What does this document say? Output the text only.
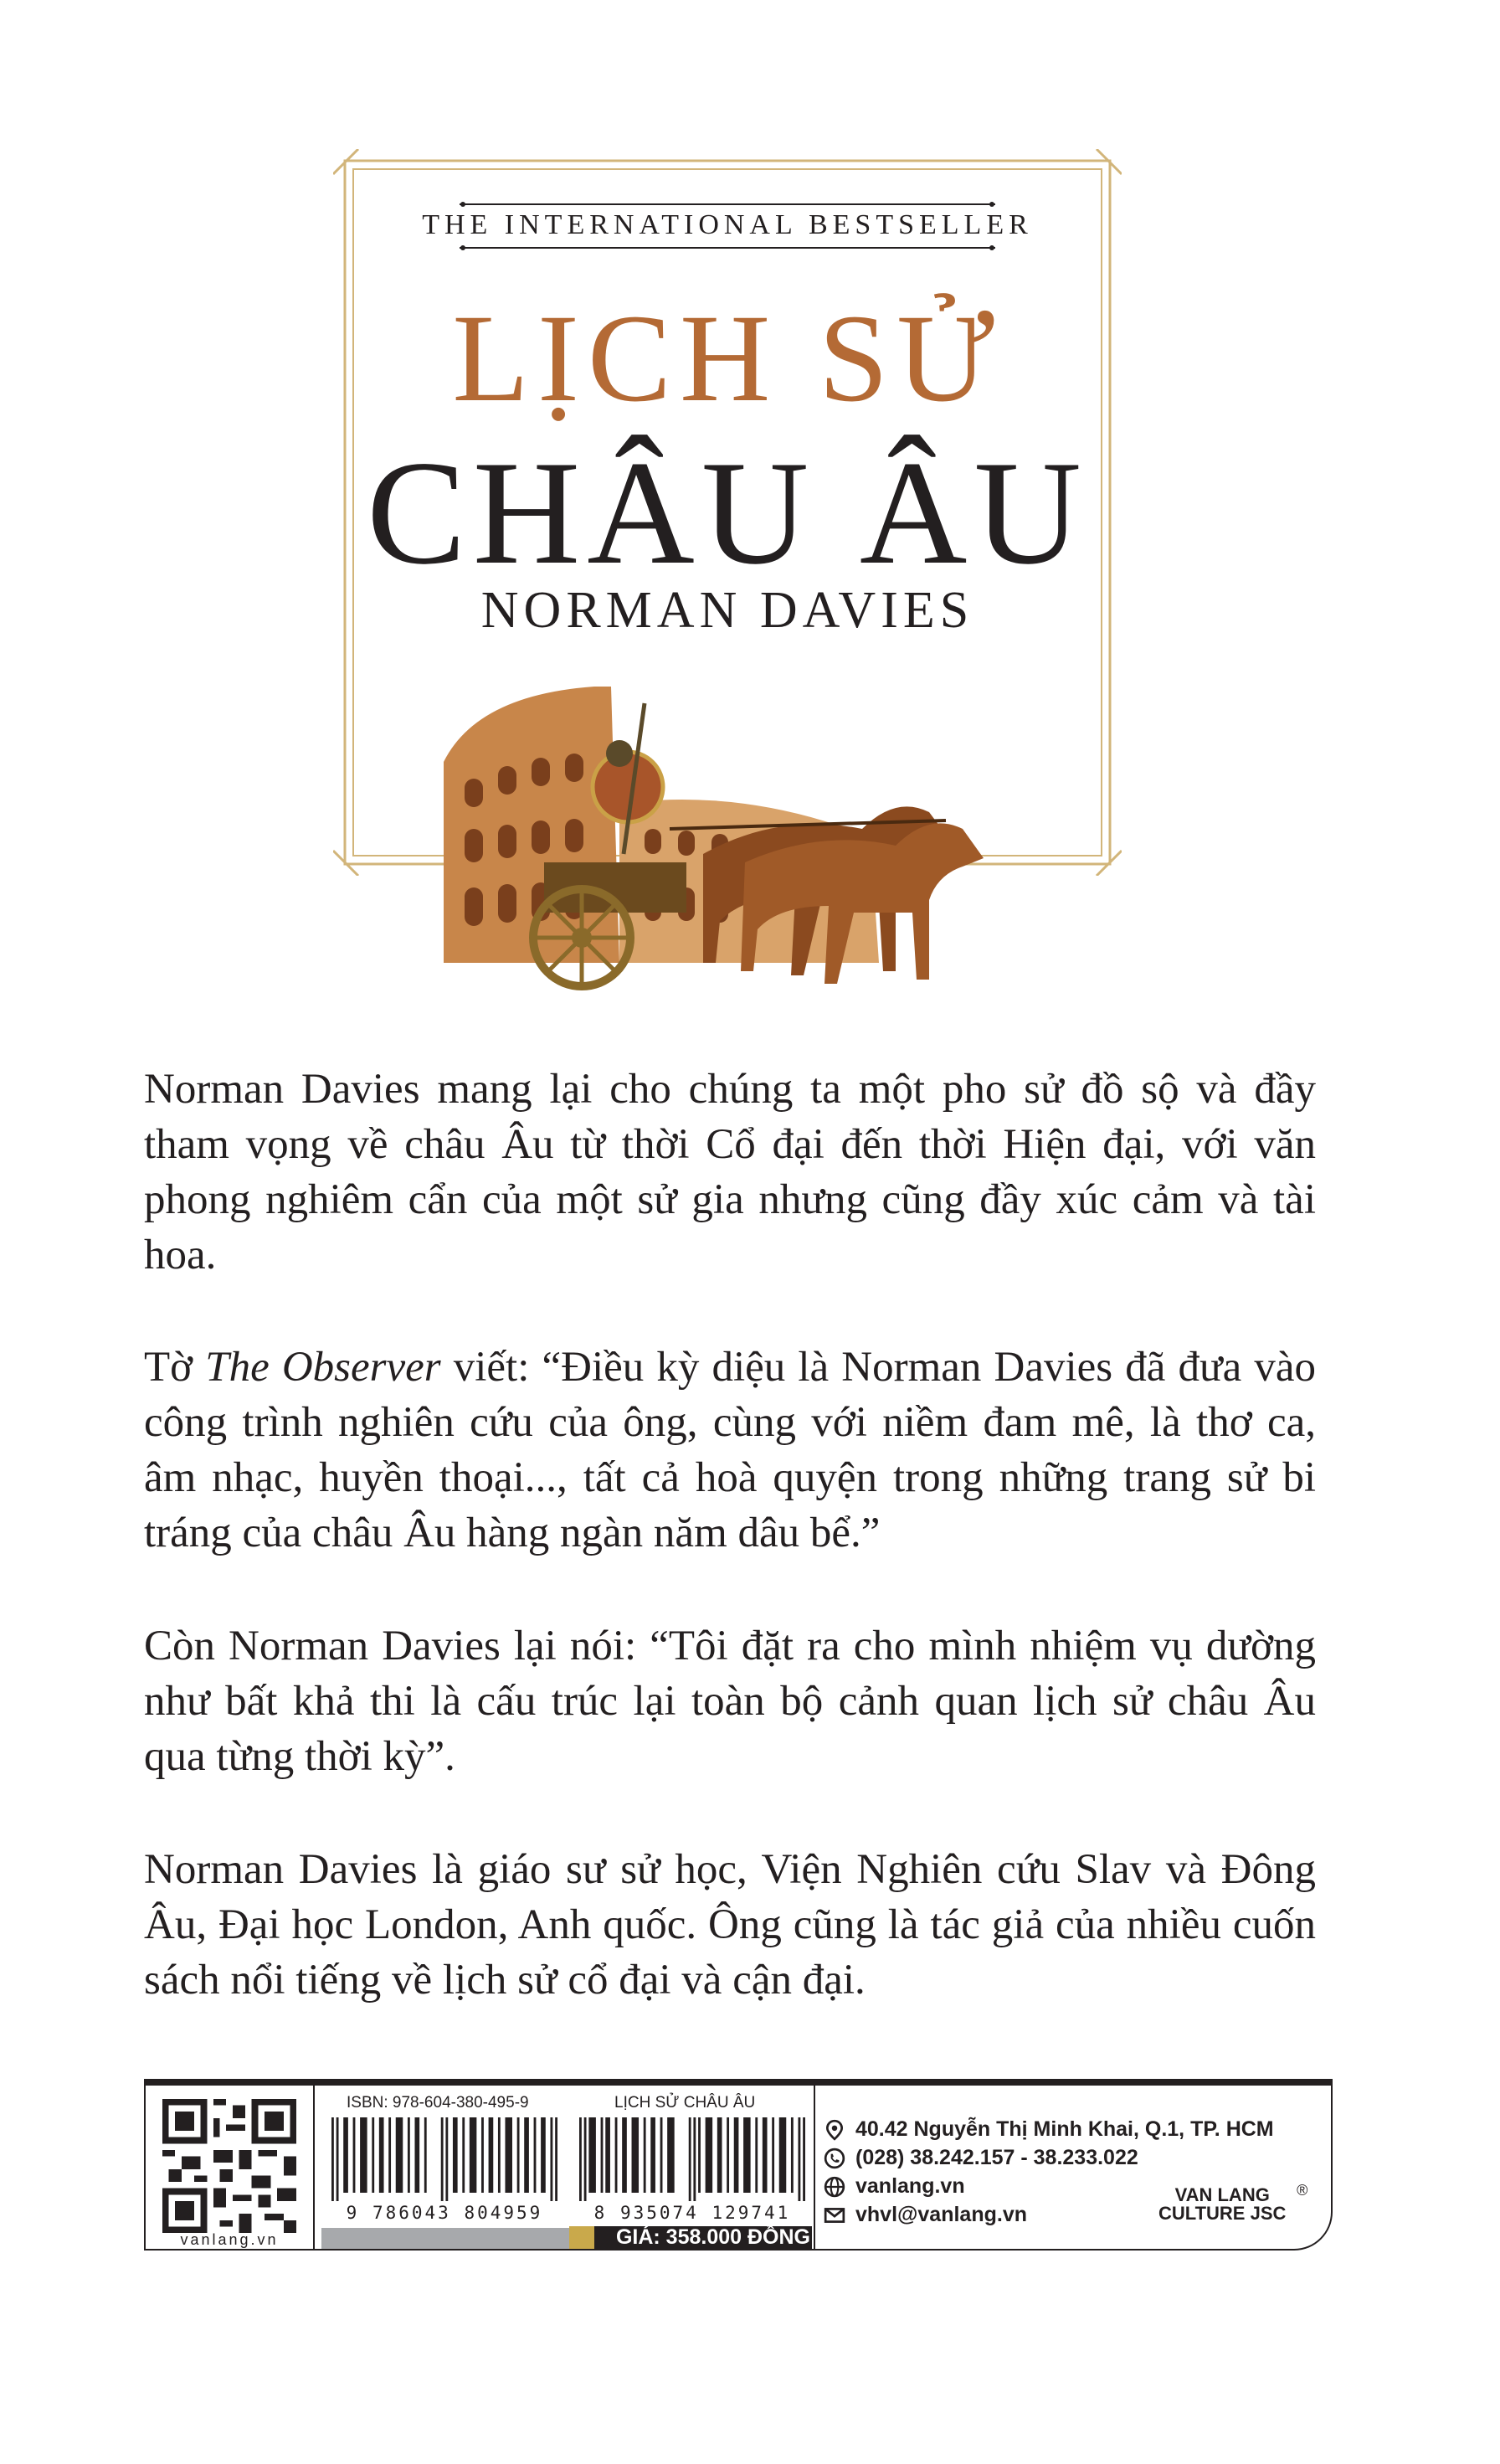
THE INTERNATIONAL BESTSELLER
LỊCH SỬ
CHÂU ÂU
NORMAN DAVIES

Norman Davies mang lại cho chúng ta một pho sử đồ sộ và đầy tham vọng về châu Âu từ thời Cổ đại đến thời Hiện đại, với văn phong nghiêm cẩn của một sử gia nhưng cũng đầy xúc cảm và tài hoa.

Tờ The Observer viết: “Điều kỳ diệu là Norman Davies đã đưa vào công trình nghiên cứu của ông, cùng với niềm đam mê, là thơ ca, âm nhạc, huyền thoại..., tất cả hoà quyện trong những trang sử bi tráng của châu Âu hàng ngàn năm dâu bể.”

Còn Norman Davies lại nói: “Tôi đặt ra cho mình nhiệm vụ dường như bất khả thi là cấu trúc lại toàn bộ cảnh quan lịch sử châu Âu qua từng thời kỳ”.

Norman Davies là giáo sư sử học, Viện Nghiên cứu Slav và Đông Âu, Đại học London, Anh quốc. Ông cũng là tác giả của nhiều cuốn sách nổi tiếng về lịch sử cổ đại và cận đại.

vanlang.vn
ISBN: 978-604-380-495-9
9 786043 804959
LỊCH SỬ CHÂU ÂU
8 935074 129741
GIÁ: 358.000 ĐỒNG
40.42 Nguyễn Thị Minh Khai, Q.1, TP. HCM
(028) 38.242.157 - 38.233.022
vanlang.vn
vhvl@vanlang.vn
VAN LANG
CULTURE JSC
®
